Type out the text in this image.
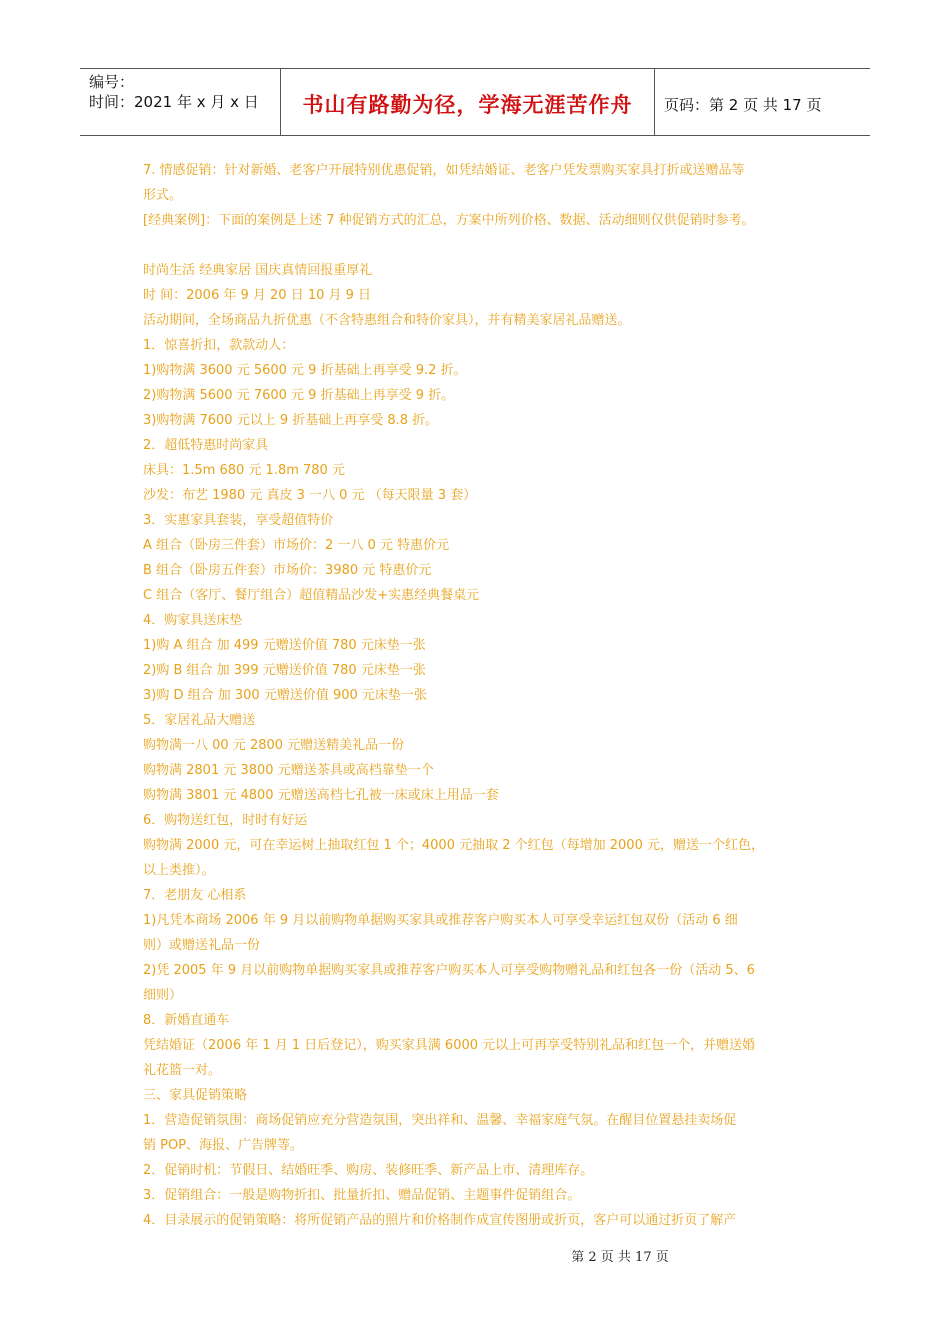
编号：
时间：2021 年 x 月 x 日	书山有路勤为径，学海无涯苦作舟	页码：第 2 页 共 17 页

7. 情感促销：针对新婚、老客户开展特别优惠促销，如凭结婚证、老客户凭发票购买家具打折或送赠品等

形式。

[经典案例]：下面的案例是上述 7 种促销方式的汇总，方案中所列价格、数据、活动细则仅供促销时参考。

时尚生活 经典家居 国庆真情回报重厚礼

时 间：2006 年 9 月 20 日 10 月 9 日

活动期间，全场商品九折优惠（不含特惠组合和特价家具），并有精美家居礼品赠送。

1．惊喜折扣，款款动人：

1)购物满 3600 元 5600 元 9 折基础上再享受 9.2 折。

2)购物满 5600 元 7600 元 9 折基础上再享受 9 折。

3)购物满 7600 元以上 9 折基础上再享受 8.8 折。

2．超低特惠时尚家具

床具：1.5m 680 元 1.8m 780 元

沙发：布艺 1980 元 真皮 3 一八 0 元 （每天限量 3 套）

3．实惠家具套装，享受超值特价

A 组合（卧房三件套）市场价：2 一八 0 元 特惠价元

B 组合（卧房五件套）市场价：3980 元 特惠价元

C 组合（客厅、餐厅组合）超值精品沙发+实惠经典餐桌元

4．购家具送床垫

1)购 A 组合 加 499 元赠送价值 780 元床垫一张

2)购 B 组合 加 399 元赠送价值 780 元床垫一张

3)购 D 组合 加 300 元赠送价值 900 元床垫一张

5．家居礼品大赠送

购物满一八 00 元 2800 元赠送精美礼品一份

购物满 2801 元 3800 元赠送茶具或高档靠垫一个

购物满 3801 元 4800 元赠送高档七孔被一床或床上用品一套

6．购物送红包，时时有好运

购物满 2000 元，可在幸运树上抽取红包 1 个；4000 元抽取 2 个红包（每增加 2000 元，赠送一个红色，

以上类推）。

7．老朋友 心相系

1)凡凭本商场 2006 年 9 月以前购物单据购买家具或推荐客户购买本人可享受幸运红包双份（活动 6 细

则）或赠送礼品一份

2)凭 2005 年 9 月以前购物单据购买家具或推荐客户购买本人可享受购物赠礼品和红包各一份（活动 5、6

细则）

8．新婚直通车

凭结婚证（2006 年 1 月 1 日后登记），购买家具满 6000 元以上可再享受特别礼品和红包一个，并赠送婚

礼花篮一对。

三、家具促销策略

1．营造促销氛围：商场促销应充分营造氛围，突出祥和、温馨、幸福家庭气氛。在醒目位置悬挂卖场促

销 POP、海报、广告牌等。

2．促销时机：节假日、结婚旺季、购房、装修旺季、新产品上市、清理库存。

3．促销组合：一般是购物折扣、批量折扣、赠品促销、主题事件促销组合。

4．目录展示的促销策略：将所促销产品的照片和价格制作成宣传图册或折页，客户可以通过折页了解产

第 2 页 共 17 页
